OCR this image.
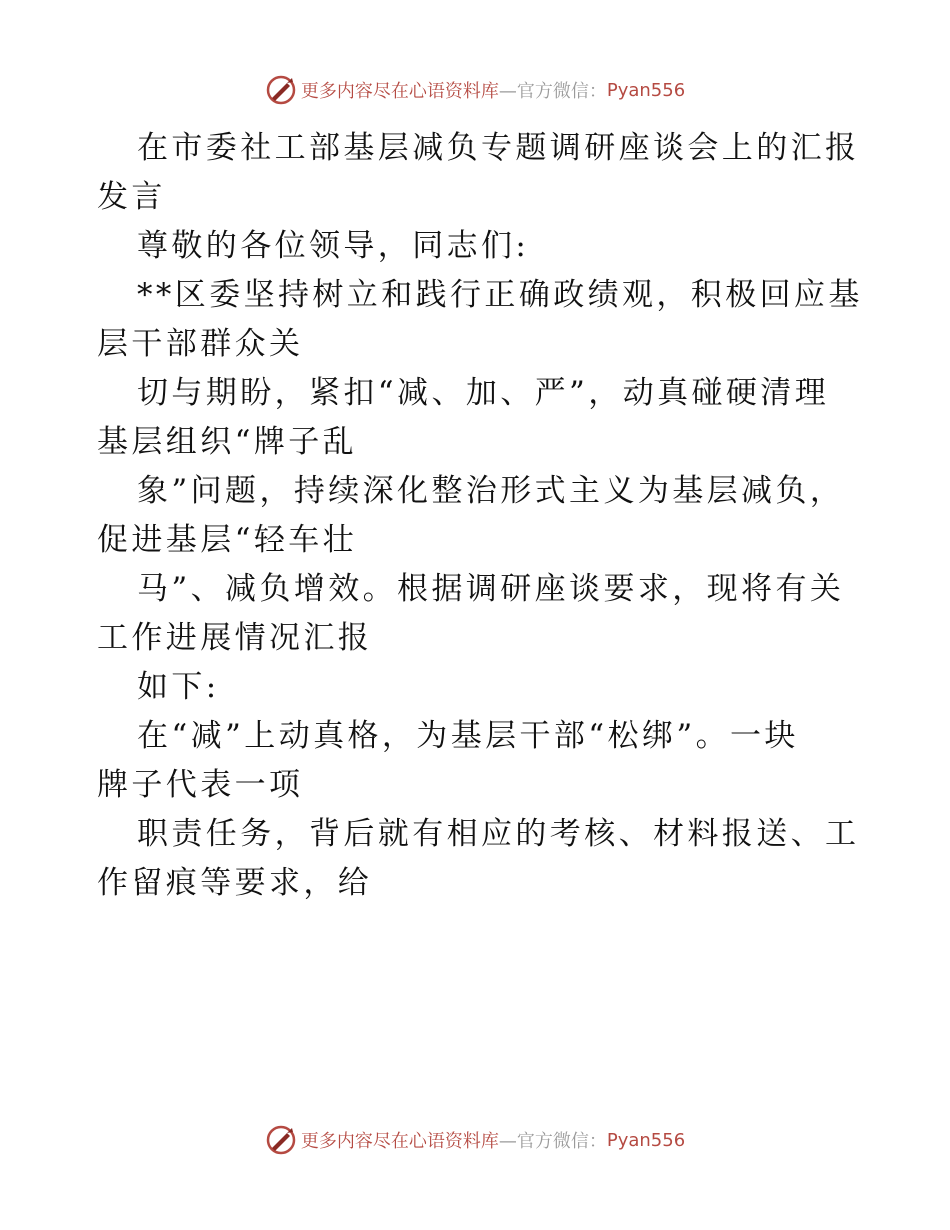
更多内容尽在心语资料库 —官方微信： Pyan556
在市委社工部基层减负专题调研座谈会上的汇报
发言
尊敬的各位领导，同志们:
**区委坚持树立和践行正确政绩观，积极回应基
层干部群众关
切与期盼，紧扣“减、加、严”，动真碰硬清理
基层组织“牌子乱
象”问题，持续深化整治形式主义为基层减负，
促进基层“轻车壮
马”、减负增效。根据调研座谈要求，现将有关
工作进展情况汇报
如下:
在“减”上动真格，为基层干部“松绑”。一块
牌子代表一项
职责任务，背后就有相应的考核、材料报送、工
作留痕等要求，给
更多内容尽在心语资料库 —官方微信： Pyan556
